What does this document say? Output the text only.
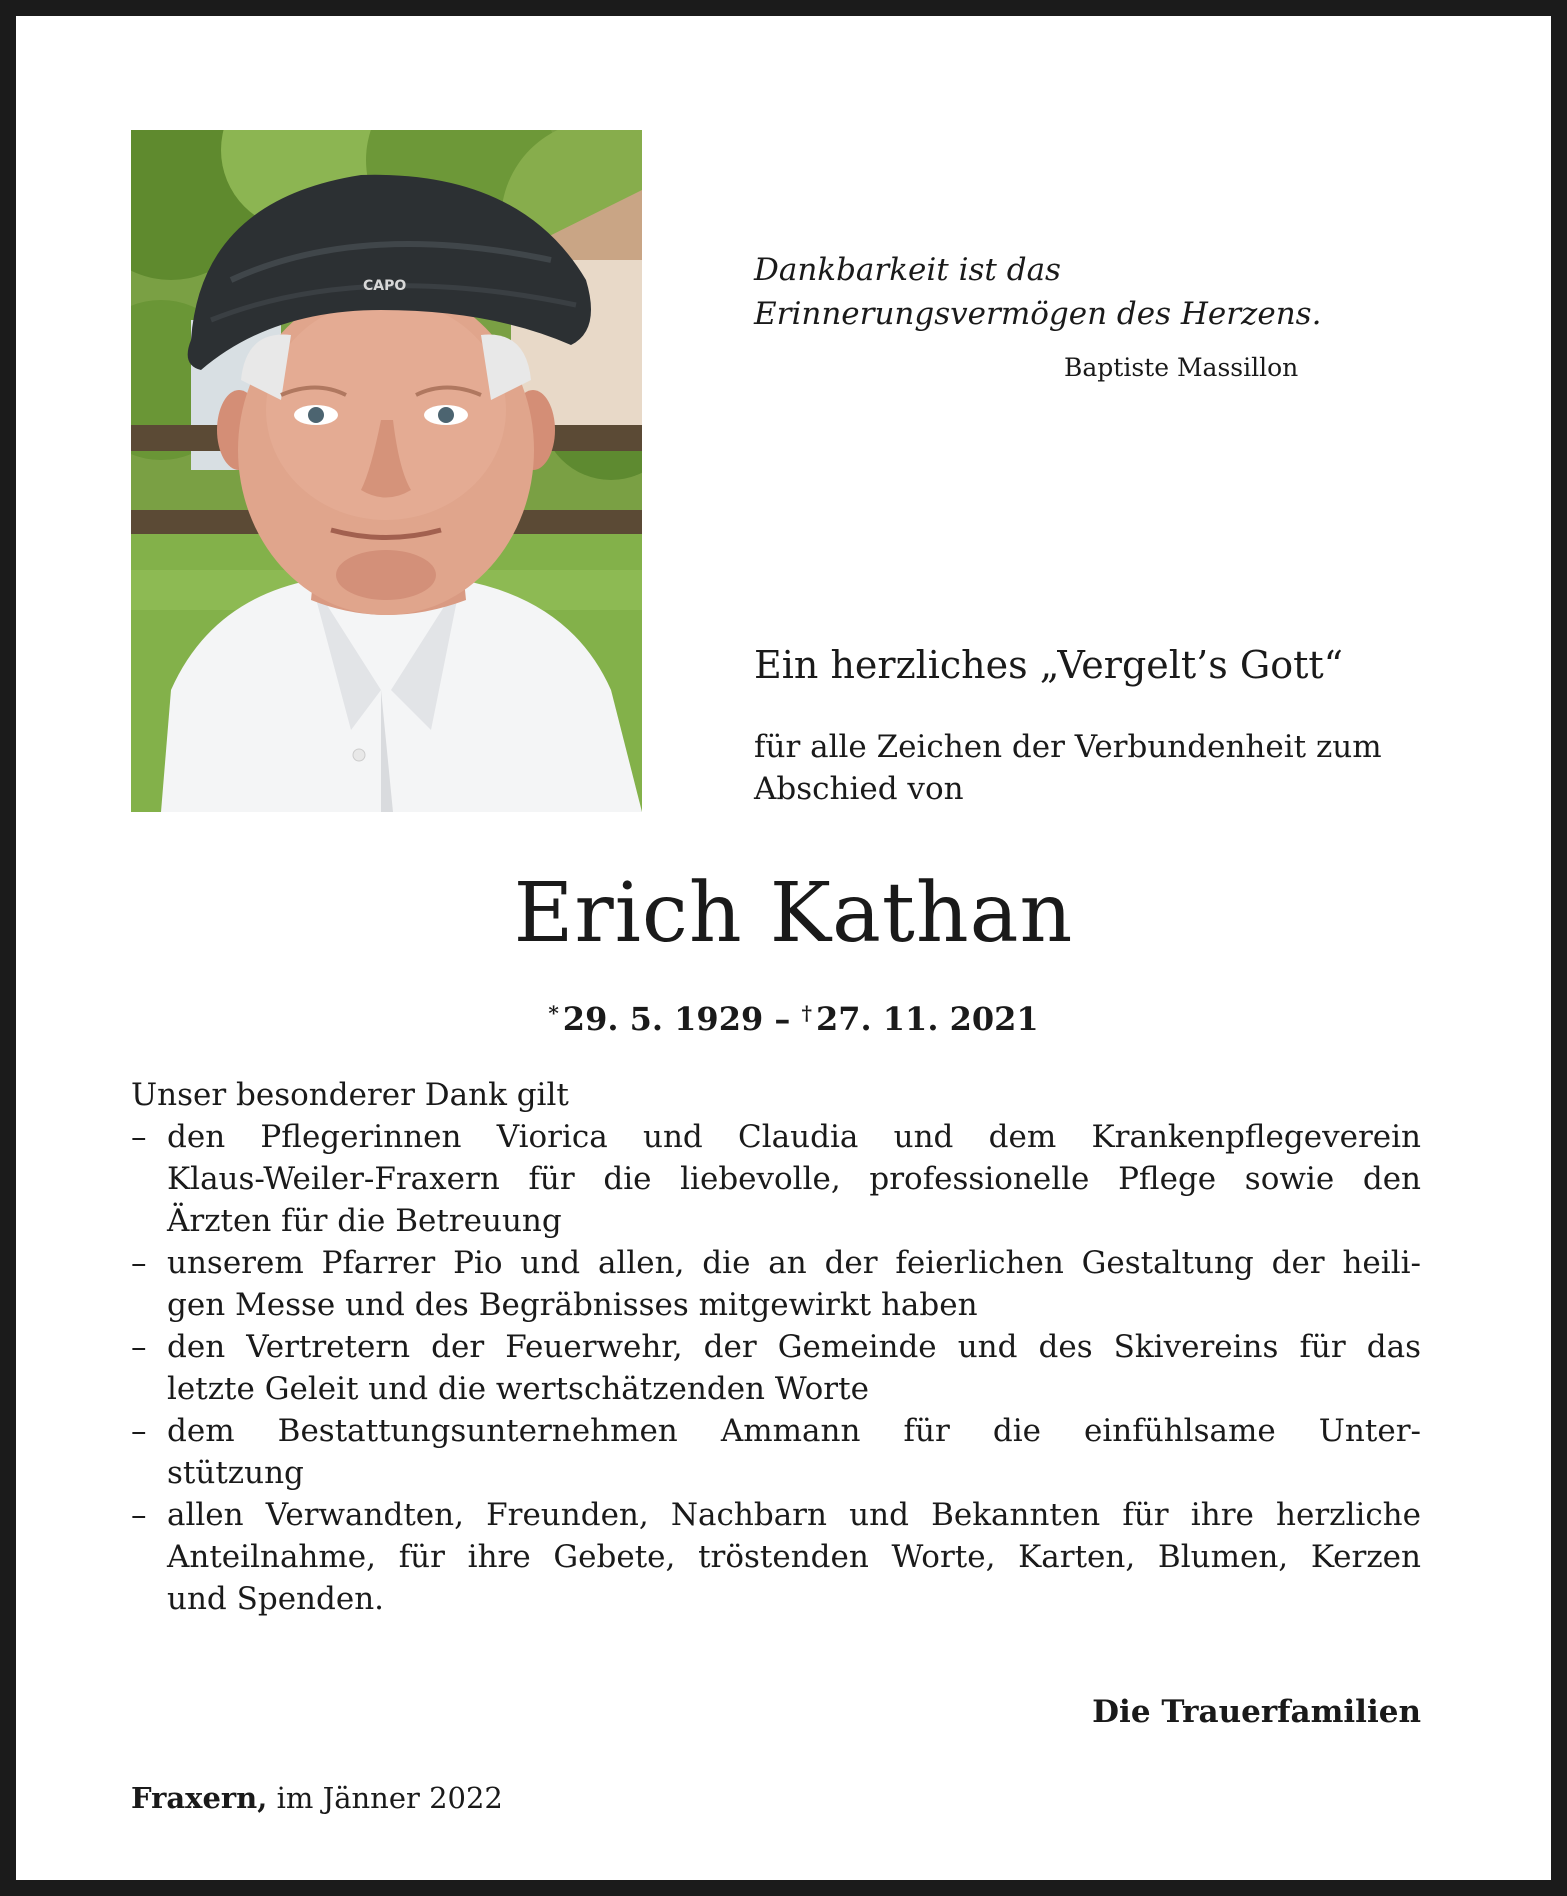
CAPO	Dankbarkeit ist das
Erinnerungsvermögen des Herzens.
Baptiste Massillon
Ein herzliches „Vergelt’s Gott“
für alle Zeichen der Verbundenheit zum
Abschied von
Erich Kathan
* 29. 5. 1929 – † 27. 11. 2021
Unser besonderer Dank gilt
– den Pflegerinnen Viorica und Claudia und dem Krankenpflegeverein
Klaus-Weiler-Fraxern für die liebevolle, professionelle Pflege sowie den
Ärzten für die Betreuung
– unserem Pfarrer Pio und allen, die an der feierlichen Gestaltung der heili-
gen Messe und des Begräbnisses mitgewirkt haben
– den Vertretern der Feuerwehr, der Gemeinde und des Skivereins für das
letzte Geleit und die wertschätzenden Worte
– dem Bestattungsunternehmen Ammann für die einfühlsame Unter-
stützung
– allen Verwandten, Freunden, Nachbarn und Bekannten für ihre herzliche
Anteilnahme, für ihre Gebete, tröstenden Worte, Karten, Blumen, Kerzen
und Spenden.
Die Trauerfamilien
Fraxern, im Jänner 2022
